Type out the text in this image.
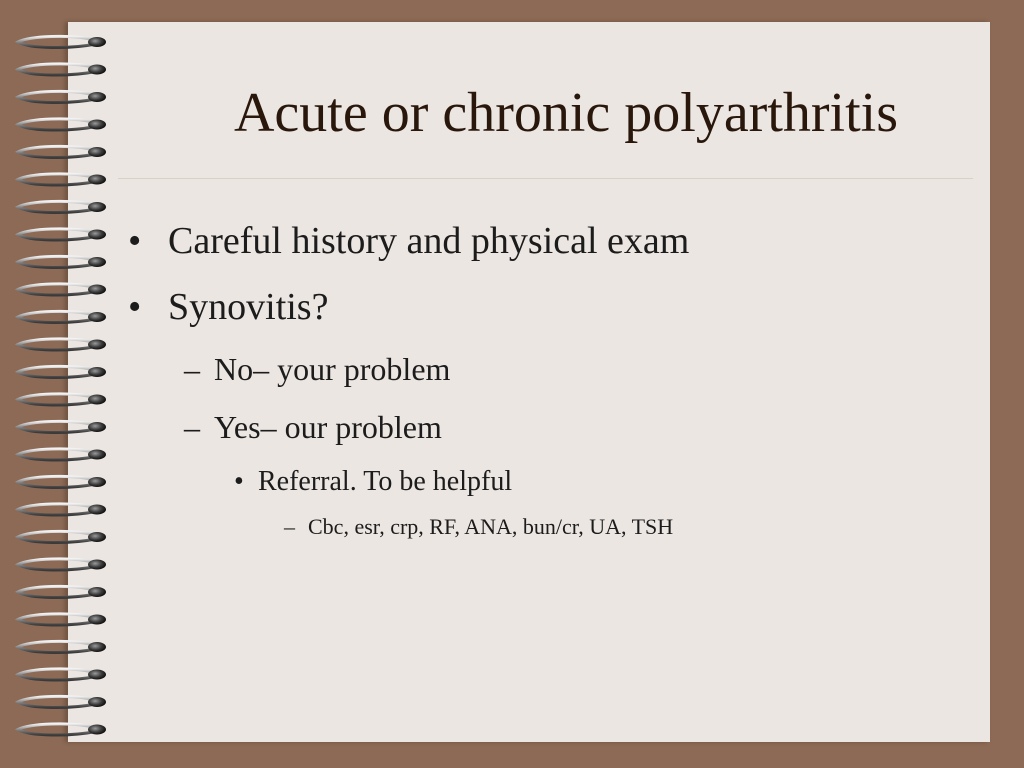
Acute or chronic polyarthritis
• Careful history and physical exam
• Synovitis?
– No– your problem
– Yes– our problem
• Referral. To be helpful
– Cbc, esr, crp, RF, ANA, bun/cr, UA, TSH
